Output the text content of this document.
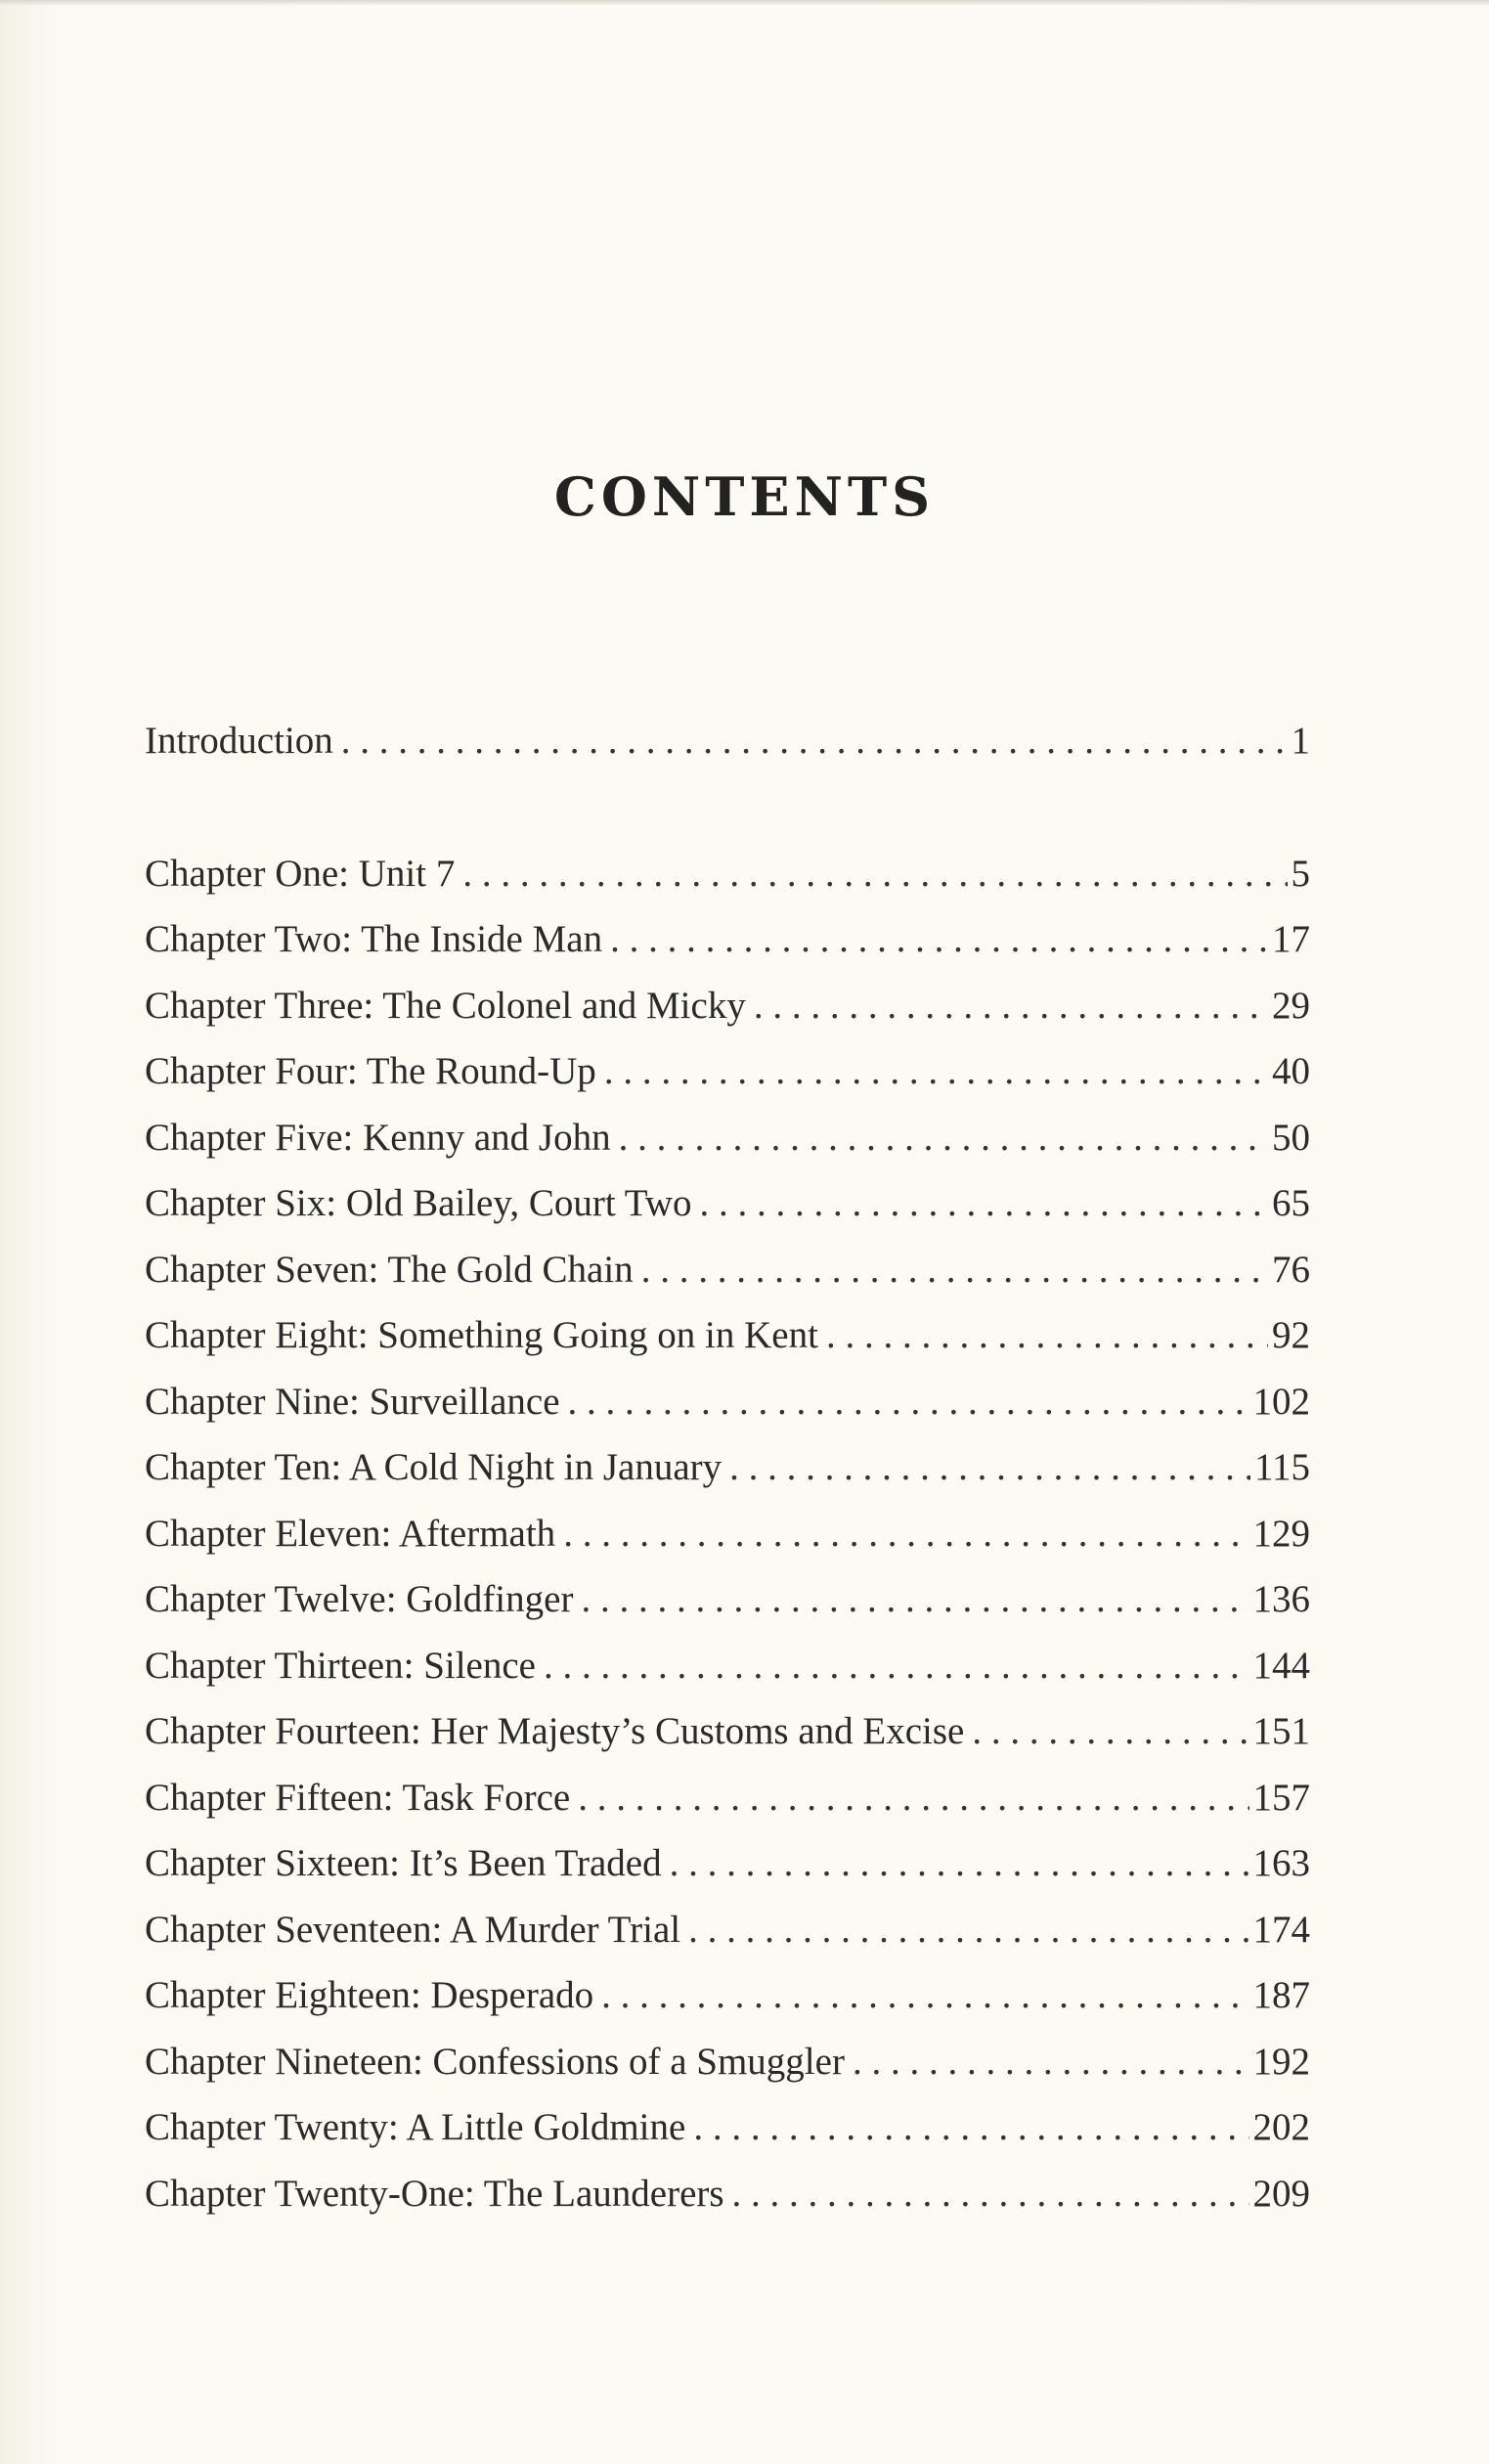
CONTENTS
Introduction . . .	1
Chapter One: Unit 7 . . .	5
Chapter Two: The Inside Man . . .	17
Chapter Three: The Colonel and Micky . . .	29
Chapter Four: The Round-Up . . .	40
Chapter Five: Kenny and John . . .	50
Chapter Six: Old Bailey, Court Two . . .	65
Chapter Seven: The Gold Chain . . .	76
Chapter Eight: Something Going on in Kent . . .	92
Chapter Nine: Surveillance . . .	102
Chapter Ten: A Cold Night in January . . .	115
Chapter Eleven: Aftermath . . .	129
Chapter Twelve: Goldfinger . . .	136
Chapter Thirteen: Silence . . .	144
Chapter Fourteen: Her Majesty’s Customs and Excise . . .	151
Chapter Fifteen: Task Force . . .	157
Chapter Sixteen: It’s Been Traded . . .	163
Chapter Seventeen: A Murder Trial . . .	174
Chapter Eighteen: Desperado . . .	187
Chapter Nineteen: Confessions of a Smuggler . . .	192
Chapter Twenty: A Little Goldmine . . .	202
Chapter Twenty-One: The Launderers . . .	209
